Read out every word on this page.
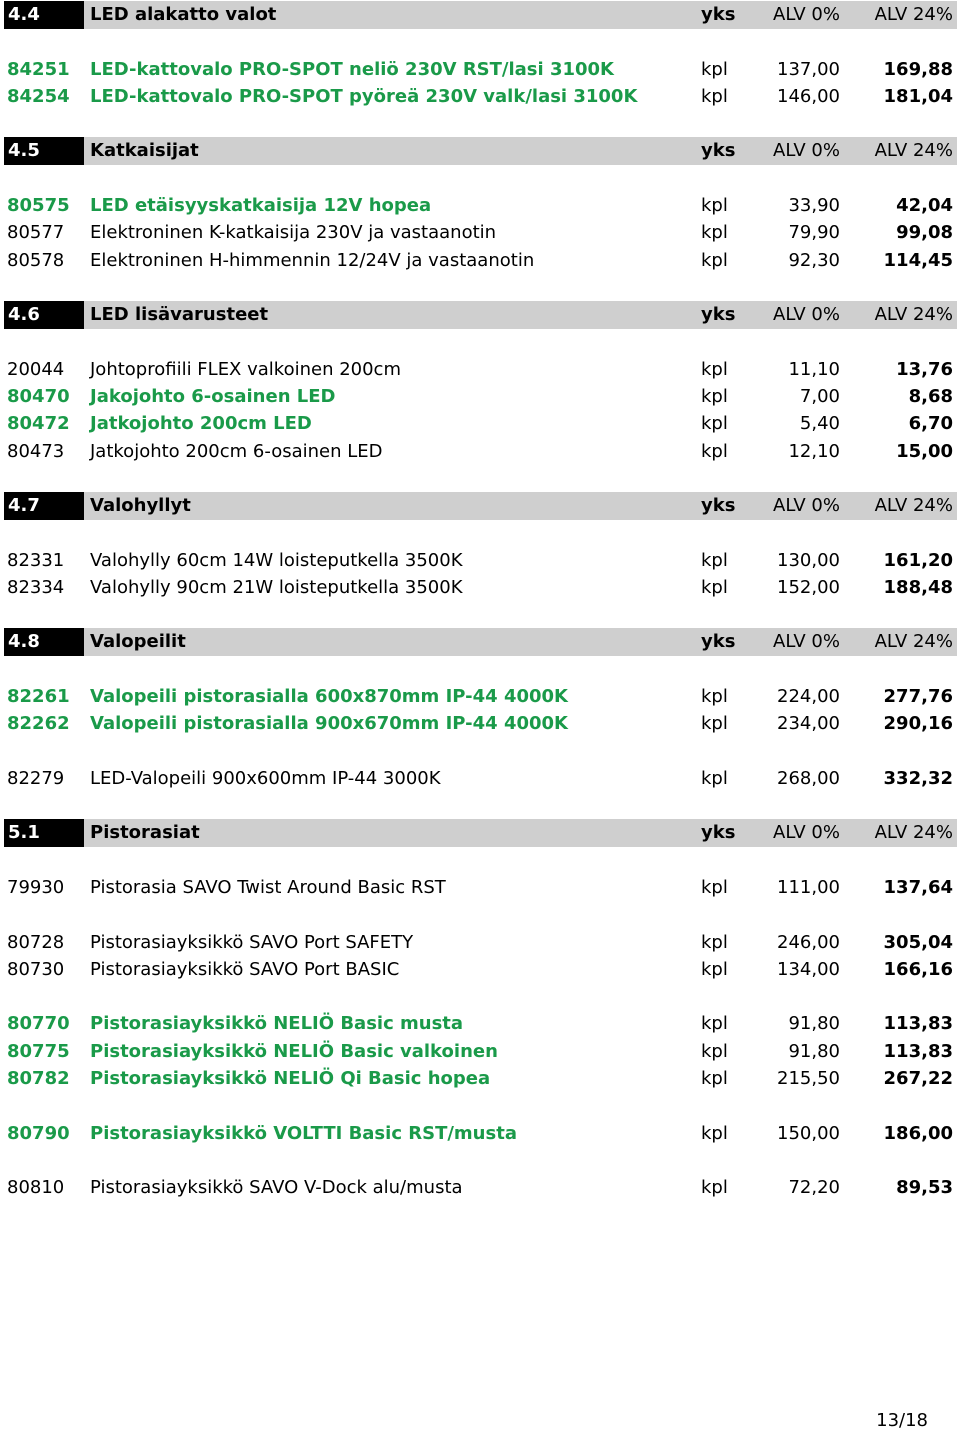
4.4	LED alakatto valot	yks ALV 0% ALV 24%
84251 LED-kattovalo PRO-SPOT neliö 230V RST/lasi 3100K	kpl	137,00 169,88
84254 LED-kattovalo PRO-SPOT pyöreä 230V valk/lasi 3100K	kpl	146,00 181,04
4.5	Katkaisijat	yks ALV 0% ALV 24%
80575 LED etäisyyskatkaisija 12V hopea	kpl	33,90	42,04
80577 Elektroninen K-katkaisija 230V ja vastaanotin	kpl	79,90	99,08
80578 Elektroninen H-himmennin 12/24V ja vastaanotin	kpl	92,30 114,45
4.6	LED lisävarusteet	yks ALV 0% ALV 24%
20044 Johtoprofiili FLEX valkoinen 200cm	kpl	11,10	13,76
80470 Jakojohto 6-osainen LED	kpl	7,00	8,68
80472 Jatkojohto 200cm LED	kpl	5,40	6,70
80473 Jatkojohto 200cm 6-osainen LED	kpl	12,10	15,00
4.7	Valohyllyt	yks ALV 0% ALV 24%
82331 Valohylly 60cm 14W loisteputkella 3500K	kpl	130,00 161,20
82334 Valohylly 90cm 21W loisteputkella 3500K	kpl	152,00 188,48
4.8	Valopeilit	yks ALV 0% ALV 24%
82261 Valopeili pistorasialla 600x870mm IP-44 4000K	kpl	224,00 277,76
82262 Valopeili pistorasialla 900x670mm IP-44 4000K	kpl	234,00 290,16
82279 LED-Valopeili 900x600mm IP-44 3000K	kpl	268,00 332,32
5.1	Pistorasiat	yks ALV 0% ALV 24%
79930 Pistorasia SAVO Twist Around Basic RST	kpl	111,00 137,64
80728 Pistorasiayksikkö SAVO Port SAFETY	kpl	246,00 305,04
80730 Pistorasiayksikkö SAVO Port BASIC	kpl	134,00 166,16
80770 Pistorasiayksikkö NELIÖ Basic musta	kpl	91,80 113,83
80775 Pistorasiayksikkö NELIÖ Basic valkoinen	kpl	91,80 113,83
80782 Pistorasiayksikkö NELIÖ Qi Basic hopea	kpl	215,50 267,22
80790 Pistorasiayksikkö VOLTTI Basic RST/musta	kpl	150,00 186,00
80810 Pistorasiayksikkö SAVO V-Dock alu/musta	kpl	72,20	89,53
13/18
